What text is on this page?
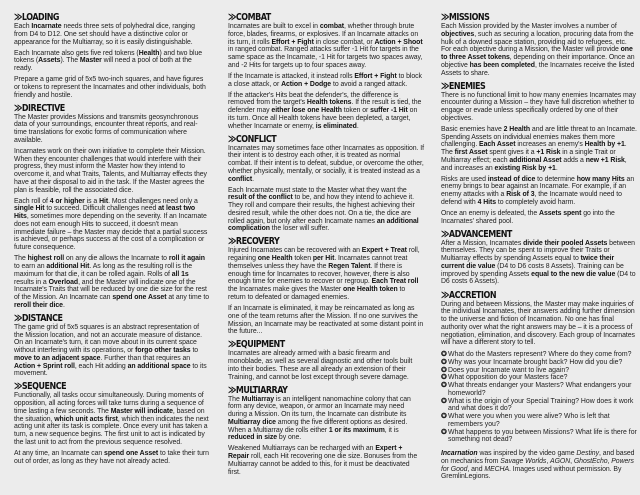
≫LOADING

Each Incarnate needs three sets of polyhedral dice, ranging from D4 to D12. One set should have a distinctive color or appearance for the Multiarray, so it is easily distinguishable.

Each Incarnate also gets five red tokens (Health) and two blue tokens (Assets). The Master will need a pool of both at the ready.

Prepare a game grid of 5x5 two-inch squares, and have figures or tokens to represent the Incarnates and other individuals, both friendly and hostile.

≫DIRECTIVE

The Master provides Missions and transmits geosynchronous data of your surroundings, encounter threat reports, and real-time translations for exotic forms of communication where available.

Incarnates work on their own initiative to complete their Mission. When they encounter challenges that would interfere with their progress, they must inform the Master how they intend to overcome it, and what Traits, Talents, and Multiarray effects they have at their disposal to aid in the task. If the Master agrees the plan is feasible, roll the associated dice.

Each roll of 4 or higher is a Hit. Most challenges need only a single Hit to succeed. Difficult challenges need at least two Hits, sometimes more depending on the severity. If an Incarnate does not earn enough Hits to succeed, it doesn't mean immediate failure – the Master may decide that a partial success is achieved, or perhaps success at the cost of a complication or future consequence.

The highest roll on any die allows the Incarnate to roll it again to earn an additional Hit. As long as the resulting roll is the maximum for that die, it can be rolled again. Rolls of all 1s results in a Overload, and the Master will indicate one of the Incarnate's Traits that will be reduced by one die size for the rest of the Mission. An Incarnate can spend one Asset at any time to reroll their dice.

≫DISTANCE

The game grid of 5x5 squares is an abstract representation of the Mission location, and not an accurate measure of distance. On an Incarnate's turn, it can move about in its current space without interfering with its operations, or forgo other tasks to move to an adjacent space. Further than that requires an Action + Sprint roll, each Hit adding an additional space to its movement.

≫SEQUENCE

Functionally, all tasks occur simultaneously. During moments of opposition, all acting forces will take turns during a sequence of time lasting a few seconds. The Master will indicate, based on the situation, which unit acts first, which then indicates the next acting unit after its task is complete. Once every unit has taken a turn, a new sequence begins. The first unit to act is indicated by the last unit to act from the previous sequence resolved.

At any time, an Incarnate can spend one Asset to take their turn out of order, as long as they have not already acted.

≫COMBAT

Incarnates are built to excel in combat, whether through brute force, blades, firearms, or explosives. If an Incarnate attacks on its turn, it rolls Effort + Fight in close combat, or Action + Shoot in ranged combat. Ranged attacks suffer -1 Hit for targets in the same space as the Incarnate, -1 Hit for targets two spaces away, and -2 Hits for targets up to four spaces away.

If the Incarnate is attacked, it instead rolls Effort + Fight to block a close attack, or Action + Dodge to avoid a ranged attack.

If the attacker's Hits beat the defender's, the difference is removed from the target's Health tokens. If the result is tied, the defender may either lose one Health token or suffer -1 Hit on its turn. Once all Health tokens have been depleted, a target, whether Incarnate or enemy, is eliminated.

≫CONFLICT

Incarnates may sometimes face other Incarnates as opposition. If their intent is to destroy each other, it is treated as normal combat. If their intent is to defeat, subdue, or overcome the other, whether physically, mentally, or socially, it is treated instead as a conflict.

Each Incarnate must state to the Master what they want the result of the conflict to be, and how they intend to achieve it. They roll and compare their results, the highest achieving their desired result, while the other does not. On a tie, the dice are rolled again, but only after each Incarnate names an additional complication the loser will suffer.

≫RECOVERY

Injured Incarnates can be recovered with an Expert + Treat roll, regaining one Health token per Hit. Incarnates cannot treat themselves unless they have the Regen Talent. If there is enough time for Incarnates to recover, however, there is also enough time for enemies to recover or regroup. Each Treat roll the Incarnates make gives the Master one Health token to return to defeated or damaged enemies.

If an Incarnate is eliminated, it may be reincarnated as long as one of the team returns after the Mission. If no one survives the Mission, an Incarnate may be reactivated at some distant point in the future...

≫EQUIPMENT

Incarnates are already armed with a basic firearm and monoblade, as well as several diagnostic and other tools built into their bodies. These are all already an extension of their Training, and cannot be lost except through severe damage.

≫MULTIARRAY

The Multiarray is an intelligent nanomachine colony that can form any device, weapon, or armor an Incarnate may need during a Mission. On its turn, the Incarnate can distribute its Multiarray dice among the five different options as desired. When a Multiarray die rolls either 1 or its maximum, it is reduced in size by one.

Weakened Multiarrays can be recharged with an Expert + Repair roll, each Hit recovering one die size. Bonuses from the Multiarray cannot be added to this, for it must be deactivated first.

≫MISSIONS

Each Mission provided by the Master involves a number of objectives, such as securing a location, procuring data from the hulk of a downed space station, providing aid to refugees, etc. For each objective during a Mission, the Master will provide one to three Asset tokens, depending on their importance. Once an objective has been completed, the Incarnates receive the listed Assets to share.

≫ENEMIES

There is no functional limit to how many enemies Incarnates may encounter during a Mission – they have full discretion whether to engage or evade unless specifically ordered by one of their objectives.

Basic enemies have 2 Health and are little threat to an Incarnate. Spending Assets on individual enemies makes them more challenging. Each Asset increases an enemy's Health by +1. The first Asset spent gives it a +1 Risk in a single Trait or Multiarray effect; each additional Asset adds a new +1 Risk, and increases an existing Risk by +1.

Risks are used instead of dice to determine how many Hits an enemy brings to bear against an Incarnate. For example, if an enemy attacks with a Risk of 3, the Incarnate would need to defend with 4 Hits to completely avoid harm.

Once an enemy is defeated, the Assets spent go into the Incarnates' shared pool.

≫ADVANCEMENT

After a Mission, Incarnates divide their pooled Assets between themselves. They can be spent to improve their Traits or Multiarray effects by spending Assets equal to twice their current die value (D4 to D6 costs 8 Assets). Training can be improved by spending Assets equal to the new die value (D4 to D6 costs 6 Assets).

≫ACCRETION

During and between Missions, the Master may make inquiries of the individual Incarnates, their answers adding further dimension to the universe and fiction of Incarnation. No one has final authority over what the right answers may be – it is a process of negotiation, elimination, and discovery. Each group of Incarnates will have a different story to tell.

✪What do the Masters represent? Where do they come from?
✪Why was your Incarnate brought back? How did you die?
✪Does your Incarnate want to live again?
✪What opposition do your Masters face?
✪What threats endanger your Masters? What endangers your homeworld?
✪What is the origin of your Special Training? How does it work and what does it do?
✪What were you when you were alive? Who is left that remembers you?
✪What happens to you between Missions? What life is there for something not dead?

Incarnation was inspired by the video game Destiny, and based on mechanics from Savage Worlds, AGON, GhostEcho, Powers for Good, and MECHA. Images used without permission. By GremlinLegions.
